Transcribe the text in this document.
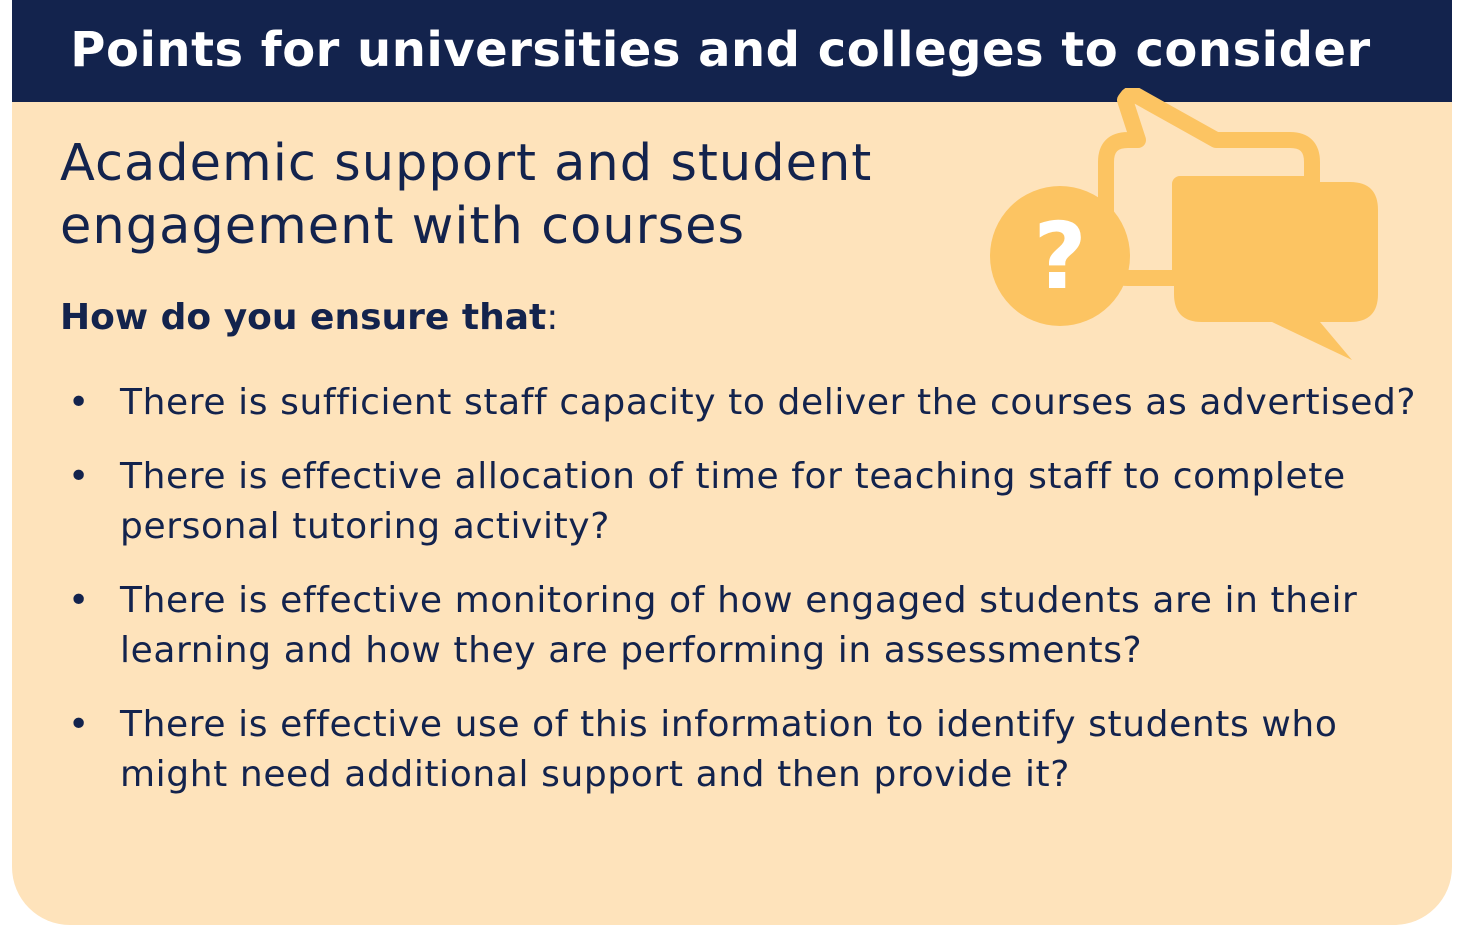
Points for universities and colleges to consider
Academic support and student engagement with courses
How do you ensure that:
• There is sufficient staff capacity to deliver the courses as advertised?
• There is effective allocation of time for teaching staff to complete personal tutoring activity?
• There is effective monitoring of how engaged students are in their learning and how they are performing in assessments?
• There is effective use of this information to identify students who might need additional support and then provide it?
?
